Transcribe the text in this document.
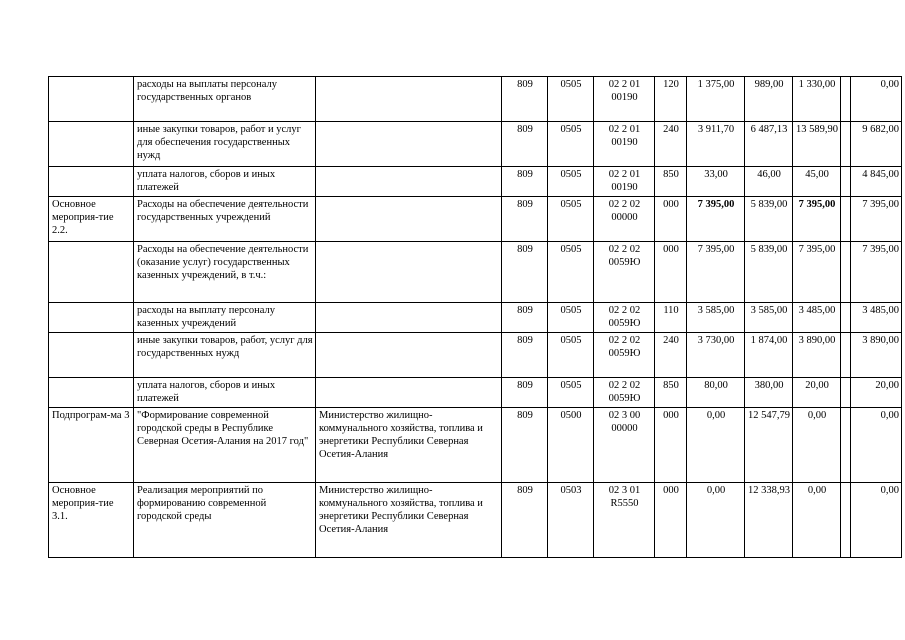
	расходы на выплаты персоналу государственных органов		809	0505	02 2 01 00190	120	1 375,00	989,00	1 330,00		0,00
	иные закупки товаров, работ и услуг для обеспечения государственных нужд		809	0505	02 2 01 00190	240	3 911,70	6 487,13	13 589,90		9 682,00
	уплата налогов, сборов и иных платежей		809	0505	02 2 01 00190	850	33,00	46,00	45,00		4 845,00
Основное мероприя-тие 2.2.	Расходы на обеспечение деятельности государственных учреждений		809	0505	02 2 02 00000	000	7 395,00	5 839,00	7 395,00		7 395,00
	Расходы на обеспечение деятельности (оказание услуг) государственных казенных учреждений, в т.ч.:		809	0505	02 2 02 0059Ю	000	7 395,00	5 839,00	7 395,00		7 395,00
	расходы на выплату персоналу казенных учреждений		809	0505	02 2 02 0059Ю	110	3 585,00	3 585,00	3 485,00		3 485,00
	иные закупки товаров, работ, услуг для государственных нужд		809	0505	02 2 02 0059Ю	240	3 730,00	1 874,00	3 890,00		3 890,00
	уплата налогов, сборов и иных платежей		809	0505	02 2 02 0059Ю	850	80,00	380,00	20,00		20,00
Подпрограм-ма 3	"Формирование современной городской среды в Республике Северная Осетия-Алания на 2017 год"	Министерство жилищно-коммунального хозяйства, топлива и энергетики Республики Северная Осетия-Алания	809	0500	02 3 00 00000	000	0,00	12 547,79	0,00		0,00
Основное мероприя-тие 3.1.	Реализация мероприятий по формированию современной городской среды	Министерство жилищно-коммунального хозяйства, топлива и энергетики Республики Северная Осетия-Алания	809	0503	02 3 01 R5550	000	0,00	12 338,93	0,00		0,00
